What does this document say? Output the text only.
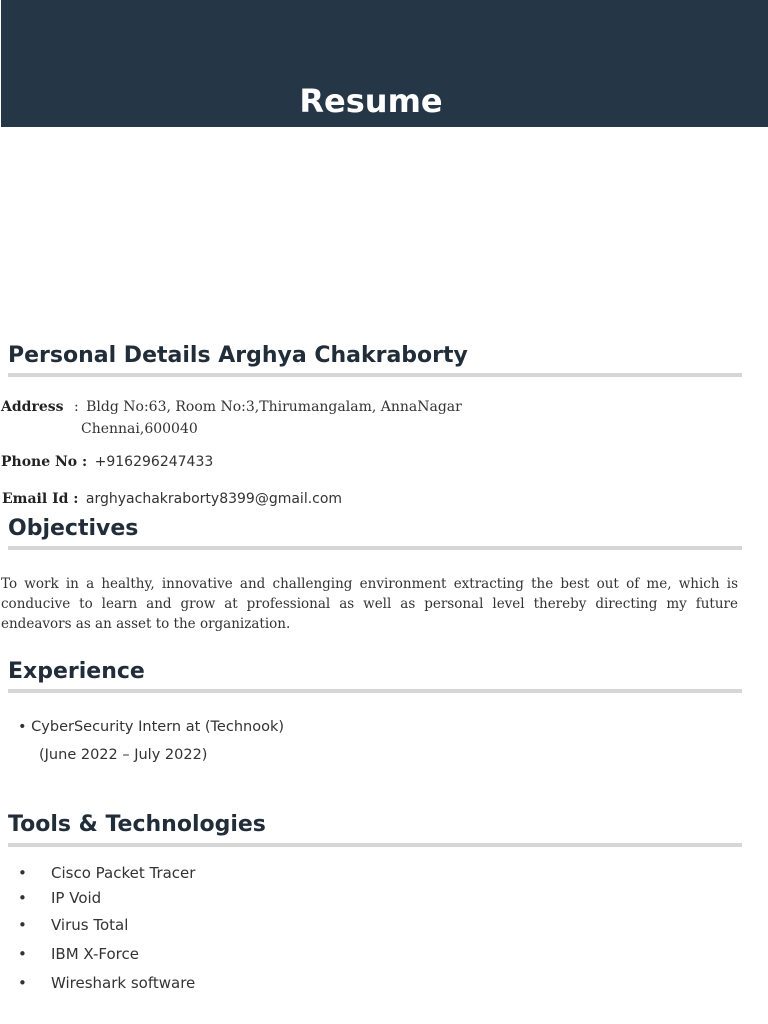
Resume
Personal Details Arghya Chakraborty
Address : Bldg No:63, Room No:3,Thirumangalam, AnnaNagar
Chennai,600040
Phone No : +916296247433
Email Id : arghyachakraborty8399@gmail.com
Objectives
To work in a healthy, innovative and challenging environment extracting the best out of me, which is conducive to learn and grow at professional as well as personal level thereby directing my future endeavors as an asset to the organization.
Experience
• CyberSecurity Intern at (Technook)
(June 2022 – July 2022)
Tools & Technologies
• Cisco Packet Tracer
• IP Void
• Virus Total
• IBM X-Force
• Wireshark software
